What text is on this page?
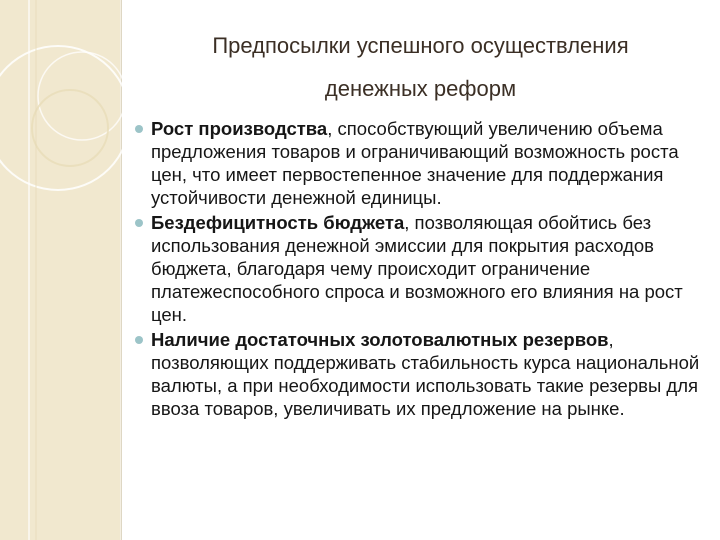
Предпосылки успешного осуществления
денежных реформ
Рост производства, способствующий увеличению объема предложения товаров и ограничивающий возможность роста цен, что имеет первостепенное значение для поддержания устойчивости денежной единицы.
Бездефицитность бюджета, позволяющая обойтись без использования денежной эмиссии для покрытия расходов бюджета, благодаря чему происходит ограничение платежеспособного спроса и возможного его влияния на рост цен.
Наличие достаточных золотовалютных резервов, позволяющих поддерживать стабильность курса национальной валюты, а при необходимости использовать такие резервы для ввоза товаров, увеличивать их предложение на рынке.
